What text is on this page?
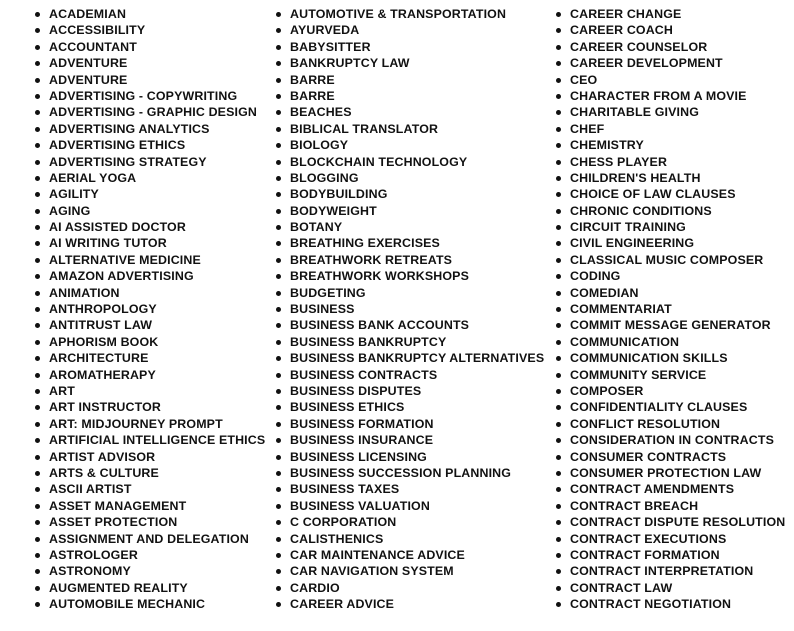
ACADEMIAN
ACCESSIBILITY
ACCOUNTANT
ADVENTURE
ADVENTURE
ADVERTISING - COPYWRITING
ADVERTISING - GRAPHIC DESIGN
ADVERTISING ANALYTICS
ADVERTISING ETHICS
ADVERTISING STRATEGY
AERIAL YOGA
AGILITY
AGING
AI ASSISTED DOCTOR
AI WRITING TUTOR
ALTERNATIVE MEDICINE
AMAZON ADVERTISING
ANIMATION
ANTHROPOLOGY
ANTITRUST LAW
APHORISM BOOK
ARCHITECTURE
AROMATHERAPY
ART
ART INSTRUCTOR
ART: MIDJOURNEY PROMPT
ARTIFICIAL INTELLIGENCE ETHICS
ARTIST ADVISOR
ARTS & CULTURE
ASCII ARTIST
ASSET MANAGEMENT
ASSET PROTECTION
ASSIGNMENT AND DELEGATION
ASTROLOGER
ASTRONOMY
AUGMENTED REALITY
AUTOMOBILE MECHANIC
AUTOMOTIVE & TRANSPORTATION
AYURVEDA
BABYSITTER
BANKRUPTCY LAW
BARRE
BARRE
BEACHES
BIBLICAL TRANSLATOR
BIOLOGY
BLOCKCHAIN TECHNOLOGY
BLOGGING
BODYBUILDING
BODYWEIGHT
BOTANY
BREATHING EXERCISES
BREATHWORK RETREATS
BREATHWORK WORKSHOPS
BUDGETING
BUSINESS
BUSINESS BANK ACCOUNTS
BUSINESS BANKRUPTCY
BUSINESS BANKRUPTCY ALTERNATIVES
BUSINESS CONTRACTS
BUSINESS DISPUTES
BUSINESS ETHICS
BUSINESS FORMATION
BUSINESS INSURANCE
BUSINESS LICENSING
BUSINESS SUCCESSION PLANNING
BUSINESS TAXES
BUSINESS VALUATION
C CORPORATION
CALISTHENICS
CAR MAINTENANCE ADVICE
CAR NAVIGATION SYSTEM
CARDIO
CAREER ADVICE
CAREER CHANGE
CAREER COACH
CAREER COUNSELOR
CAREER DEVELOPMENT
CEO
CHARACTER FROM A MOVIE
CHARITABLE GIVING
CHEF
CHEMISTRY
CHESS PLAYER
CHILDREN'S HEALTH
CHOICE OF LAW CLAUSES
CHRONIC CONDITIONS
CIRCUIT TRAINING
CIVIL ENGINEERING
CLASSICAL MUSIC COMPOSER
CODING
COMEDIAN
COMMENTARIAT
COMMIT MESSAGE GENERATOR
COMMUNICATION
COMMUNICATION SKILLS
COMMUNITY SERVICE
COMPOSER
CONFIDENTIALITY CLAUSES
CONFLICT RESOLUTION
CONSIDERATION IN CONTRACTS
CONSUMER CONTRACTS
CONSUMER PROTECTION LAW
CONTRACT AMENDMENTS
CONTRACT BREACH
CONTRACT DISPUTE RESOLUTION
CONTRACT EXECUTIONS
CONTRACT FORMATION
CONTRACT INTERPRETATION
CONTRACT LAW
CONTRACT NEGOTIATION
